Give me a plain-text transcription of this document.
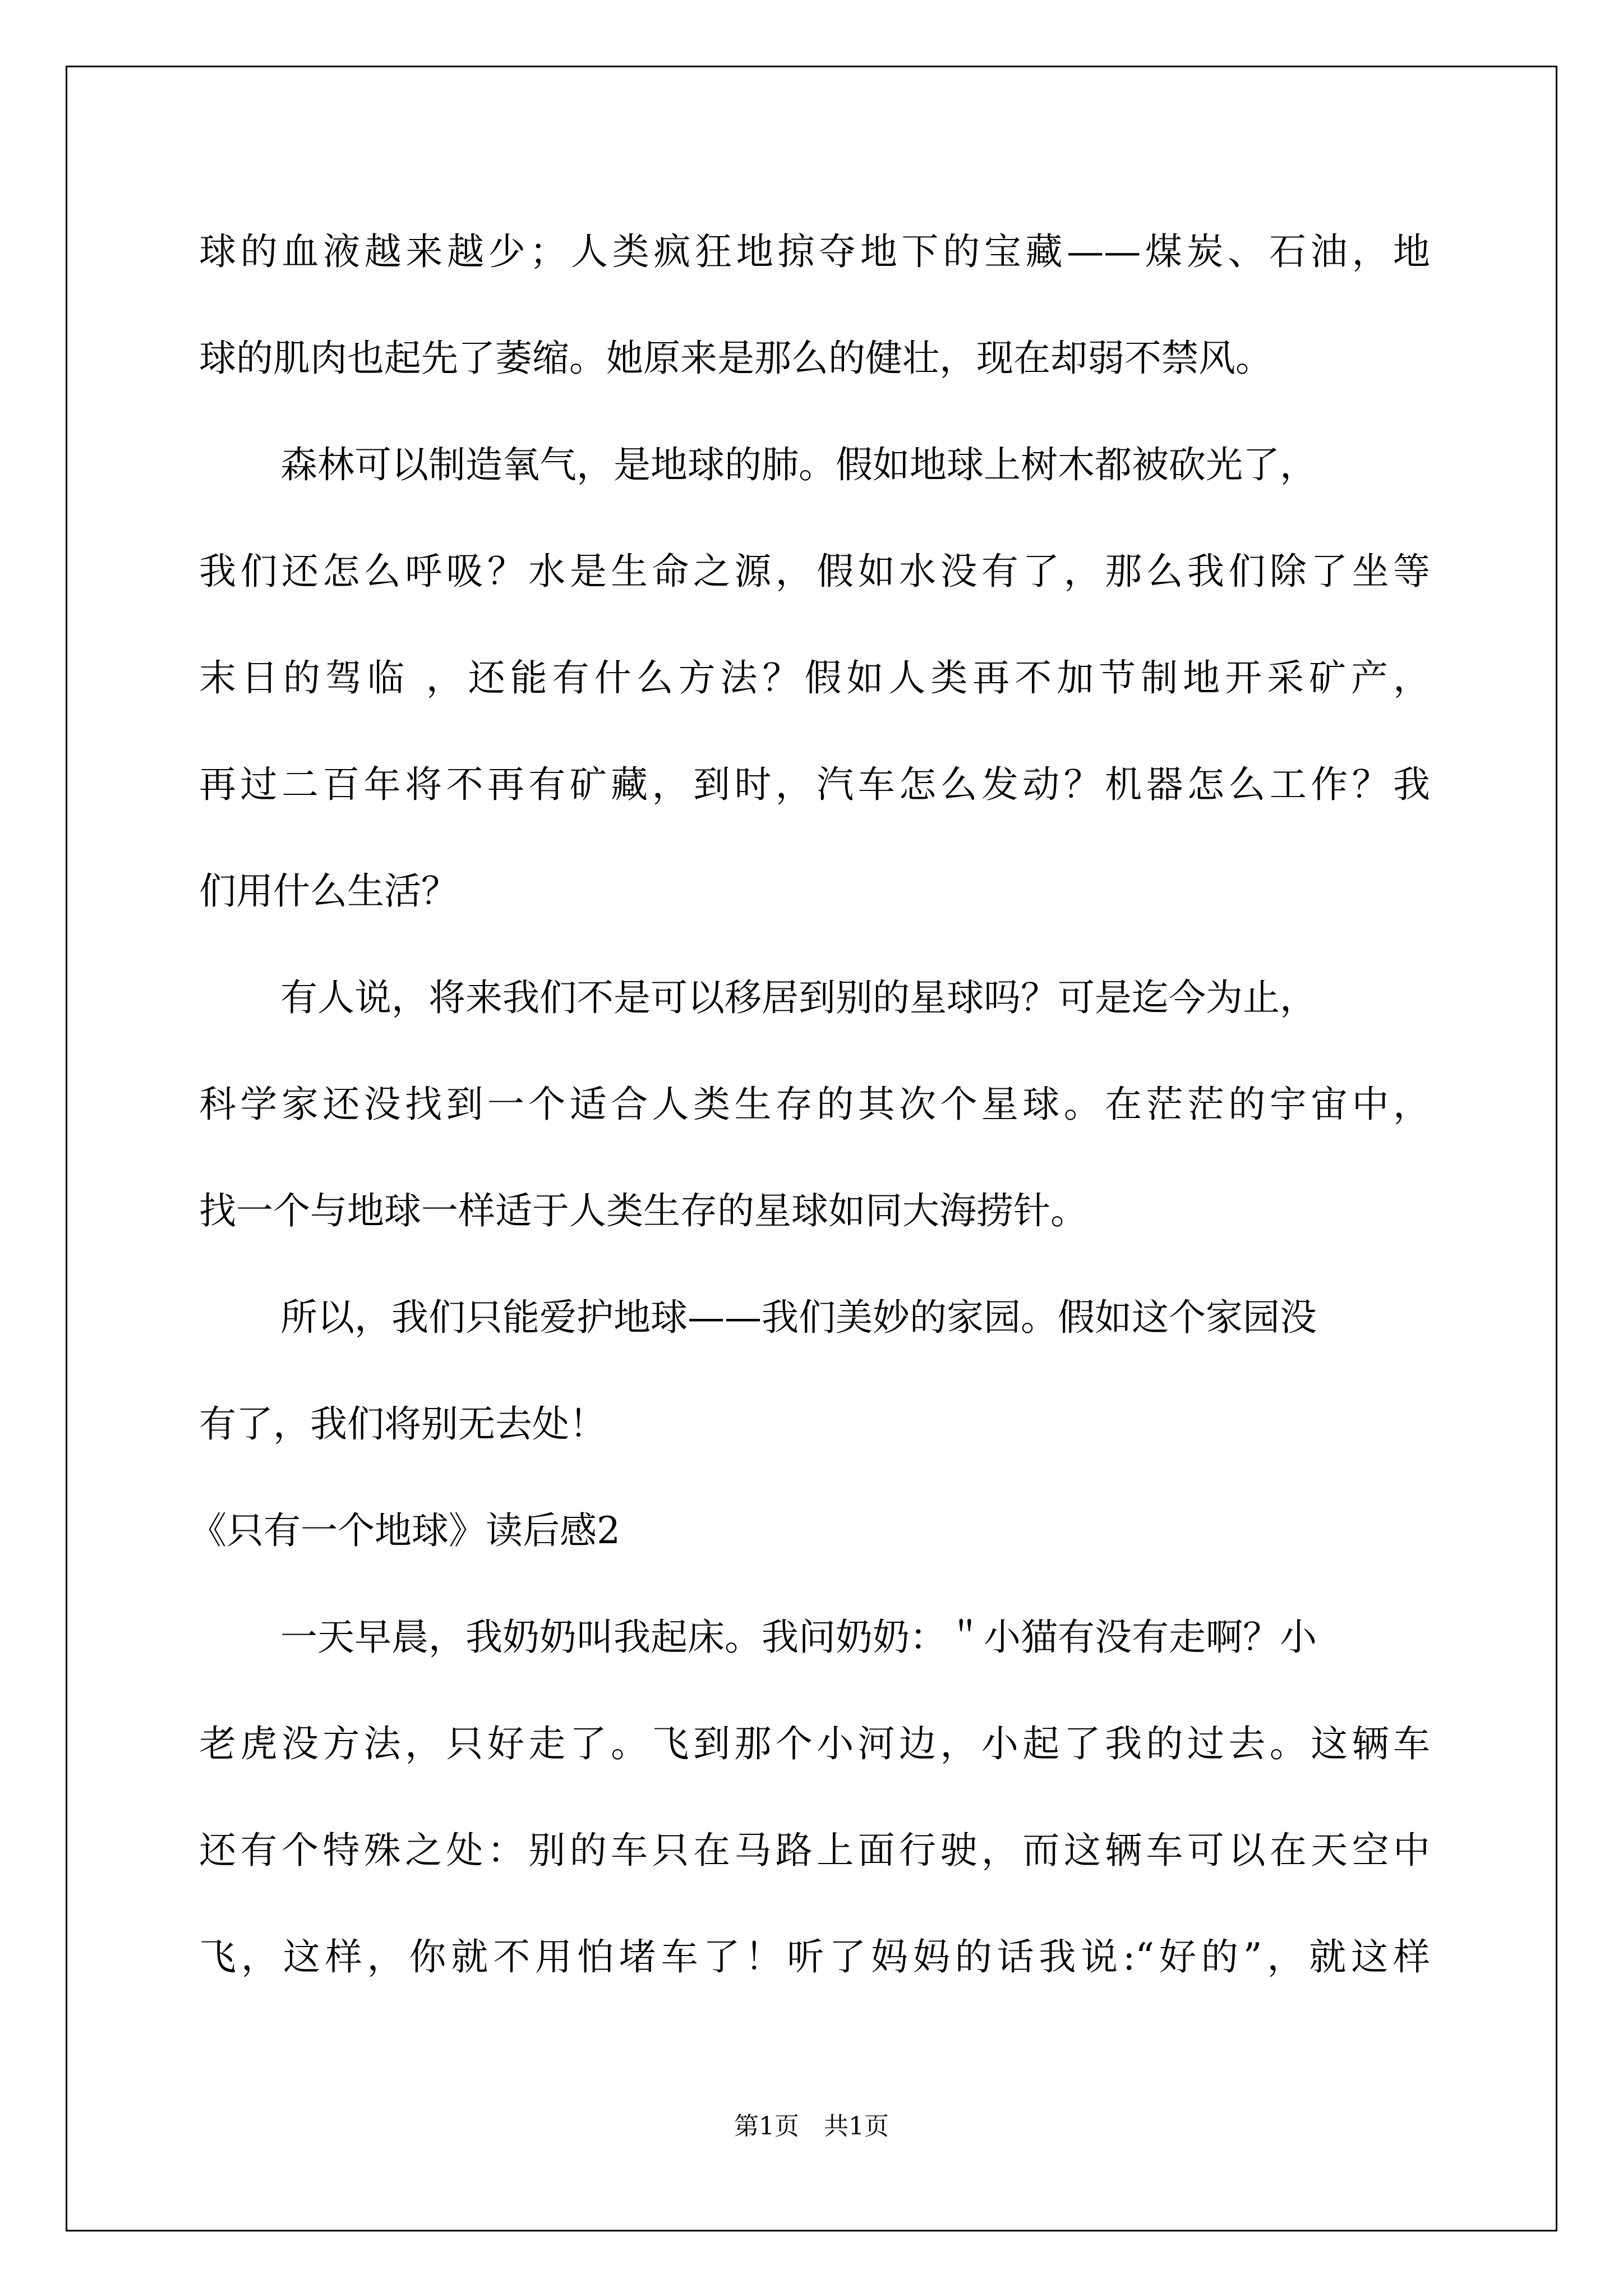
球的血液越来越少；人类疯狂地掠夺地下的宝藏——煤炭、石油，地
球的肌肉也起先了萎缩。她原来是那么的健壮，现在却弱不禁风。
森林可以制造氧气，是地球的肺。假如地球上树木都被砍光了，
我们还怎么呼吸？水是生命之源，假如水没有了，那么我们除了坐等
末日的驾临 ，还能有什么方法？假如人类再不加节制地开采矿产，
再过二百年将不再有矿藏，到时，汽车怎么发动？机器怎么工作？我
们用什么生活？
有人说，将来我们不是可以移居到别的星球吗？可是迄今为止，
科学家还没找到一个适合人类生存的其次个星球。在茫茫的宇宙中，
找一个与地球一样适于人类生存的星球如同大海捞针。
所以，我们只能爱护地球——我们美妙的家园。假如这个家园没
有了，我们将别无去处！
《只有一个地球》读后感2
一天早晨，我奶奶叫我起床。我问奶奶：＂小猫有没有走啊？小
老虎没方法，只好走了。飞到那个小河边，小起了我的过去。这辆车
还有个特殊之处：别的车只在马路上面行驶，而这辆车可以在天空中
飞，这样，你就不用怕堵车了！听了妈妈的话我说:“好的”，就这样
第1页　共1页
